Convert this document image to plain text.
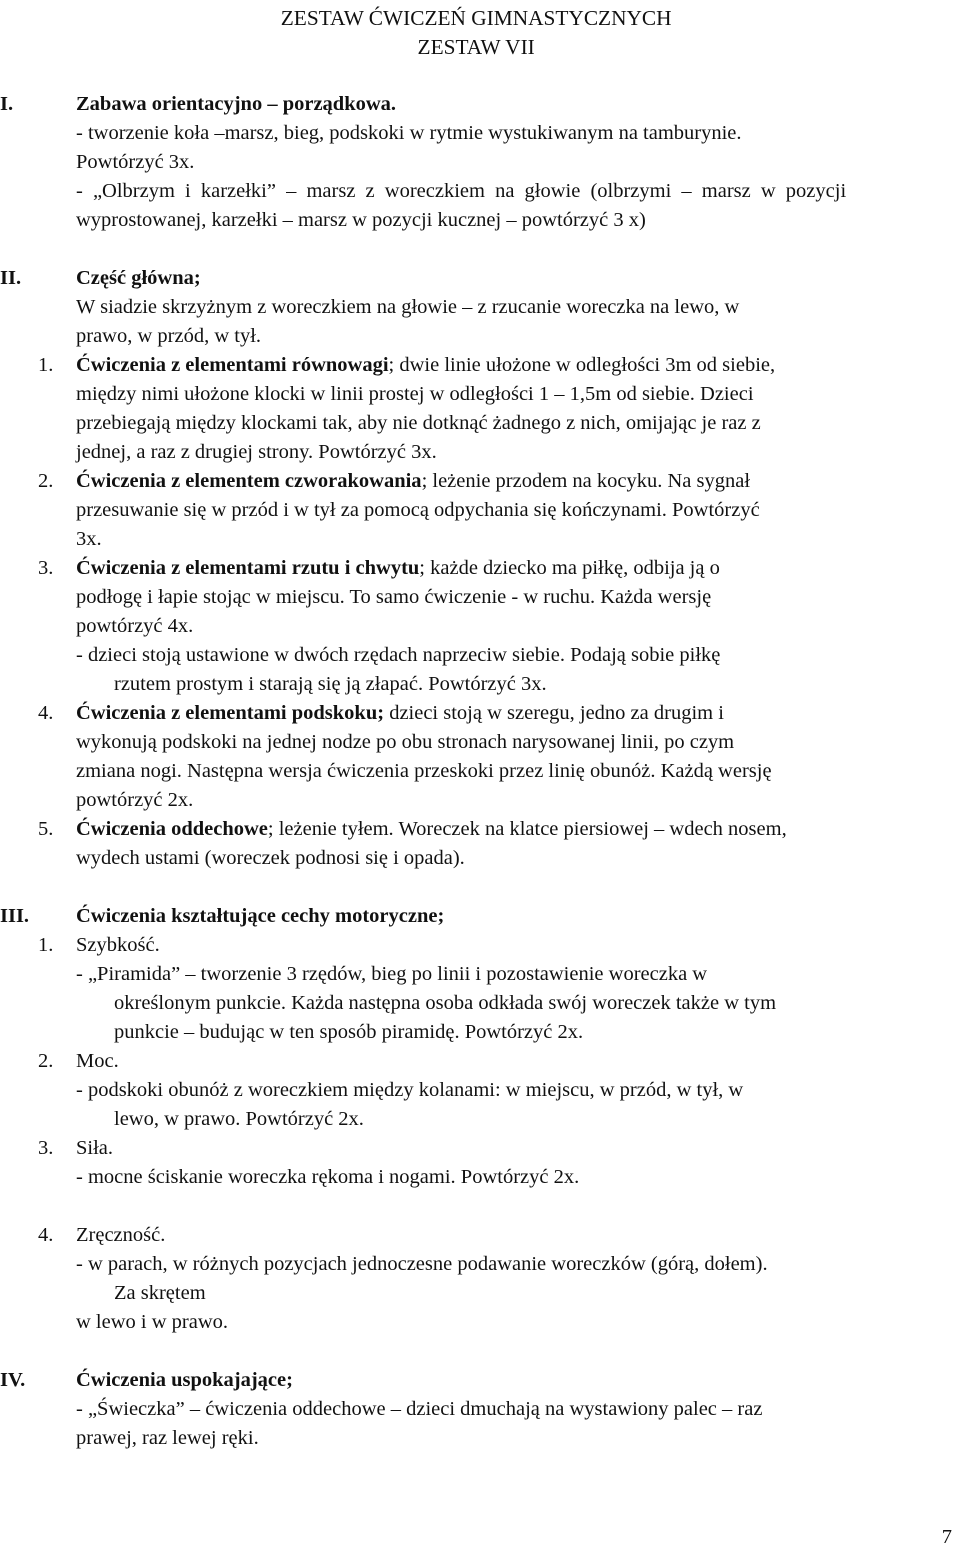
ZESTAW ĆWICZEŃ GIMNASTYCZNYCH
ZESTAW VII
I.	Zabawa orientacyjno – porządkowa.
- tworzenie koła –marsz, bieg, podskoki w rytmie wystukiwanym na tamburynie.
Powtórzyć 3x.
- „Olbrzym i karzełki” – marsz z woreczkiem na głowie (olbrzymi – marsz w pozycji
wyprostowanej, karzełki – marsz w pozycji kucznej – powtórzyć 3 x)
II.	Część główna;
W siadzie skrzyżnym z woreczkiem na głowie – z rzucanie woreczka na lewo, w
prawo, w przód, w tył.
1. Ćwiczenia z elementami równowagi; dwie linie ułożone w odległości 3m od siebie,
między nimi ułożone klocki w linii prostej w odległości 1 – 1,5m od siebie. Dzieci
przebiegają między klockami tak, aby nie dotknąć żadnego z nich, omijając je raz z
jednej, a raz z drugiej strony. Powtórzyć 3x.
2. Ćwiczenia z elementem czworakowania; leżenie przodem na kocyku. Na sygnał
przesuwanie się w przód i w tył za pomocą odpychania się kończynami. Powtórzyć
3x.
3. Ćwiczenia z elementami rzutu i chwytu; każde dziecko ma piłkę, odbija ją o
podłogę i łapie stojąc w miejscu. To samo ćwiczenie - w ruchu. Każda wersję
powtórzyć 4x.
- dzieci stoją ustawione w dwóch rzędach naprzeciw siebie. Podają sobie piłkę
rzutem prostym i starają się ją złapać. Powtórzyć 3x.
4. Ćwiczenia z elementami podskoku; dzieci stoją w szeregu, jedno za drugim i
wykonują podskoki na jednej nodze po obu stronach narysowanej linii, po czym
zmiana nogi. Następna wersja ćwiczenia przeskoki przez linię obunóż. Każdą wersję
powtórzyć 2x.
5. Ćwiczenia oddechowe; leżenie tyłem. Woreczek na klatce piersiowej – wdech nosem,
wydech ustami (woreczek podnosi się i opada).
III. Ćwiczenia kształtujące cechy motoryczne;
1. Szybkość.
- „Piramida” – tworzenie 3 rzędów, bieg po linii i pozostawienie woreczka w
określonym punkcie. Każda następna osoba odkłada swój woreczek także w tym
punkcie – budując w ten sposób piramidę. Powtórzyć 2x.
2. Moc.
- podskoki obunóż z woreczkiem między kolanami: w miejscu, w przód, w tył, w
lewo, w prawo. Powtórzyć 2x.
3. Siła.
- mocne ściskanie woreczka rękoma i nogami. Powtórzyć 2x.
4. Zręczność.
- w parach, w różnych pozycjach jednoczesne podawanie woreczków (górą, dołem).
Za skrętem
w lewo i w prawo.
IV. Ćwiczenia uspokajające;
- „Świeczka” – ćwiczenia oddechowe – dzieci dmuchają na wystawiony palec – raz
prawej, raz lewej ręki.
7
